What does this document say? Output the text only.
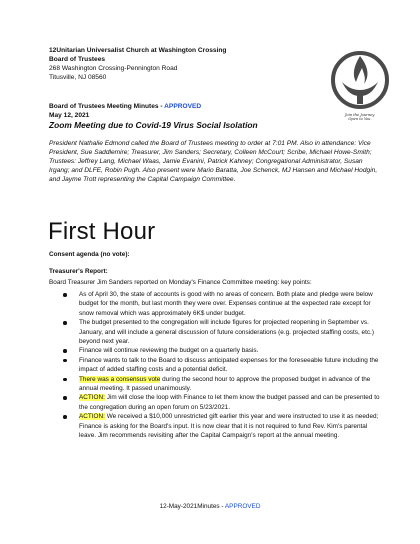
12Unitarian Universalist Church at Washington Crossing
Board of Trustees
268 Washington Crossing-Pennington Road
Titusville, NJ 08560
Join the Journey.
Open to You.
Board of Trustees Meeting Minutes - APPROVED
May 12, 2021
Zoom Meeting due to Covid-19 Virus Social Isolation
President Nathalie Edmond called the Board of Trustees meeting to order at 7:01 PM. Also in attendance: Vice President, Sue Saddlemire; Treasurer, Jim Sanders; Secretary, Colleen McCourt; Scribe, Michael Howe-Smith; Trustees: Jeffrey Lang, Michael Waas, Jamie Evanini, Patrick Kahney; Congregational Administrator, Susan Irgang; and DLFE, Robin Pugh. Also present were Mario Baratta, Joe Schenck, MJ Hansen and Michael Hodgin, and Jayme Trott representing the Capital Campaign Committee.
First Hour
Consent agenda (no vote):
Treasurer's Report:
Board Treasurer Jim Sanders reported on Monday's Finance Committee meeting: key points:
As of April 30, the state of accounts is good with no areas of concern. Both plate and pledge were below budget for the month, but last month they were over. Expenses continue at the expected rate except for snow removal which was approximately 6K$ under budget.
The budget presented to the congregation will include figures for projected reopening in September vs. January, and will include a general discussion of future considerations (e.g. projected staffing costs, etc.) beyond next year.
Finance will continue reviewing the budget on a quarterly basis.
Finance wants to talk to the Board to discuss anticipated expenses for the foreseeable future including the impact of added staffing costs and a potential deficit.
There was a consensus vote during the second hour to approve the proposed budget in advance of the annual meeting. It passed unanimously.
ACTION: Jim will close the loop with Finance to let them know the budget passed and can be presented to the congregation during an open forum on 5/23/2021.
ACTION: We received a $10,000 unrestricted gift earlier this year and were instructed to use it as needed; Finance is asking for the Board's input. It is now clear that it is not required to fund Rev. Kim's parental leave. Jim recommends revisiting after the Capital Campaign's report at the annual meeting.
12-May-2021Minutes - APPROVED
